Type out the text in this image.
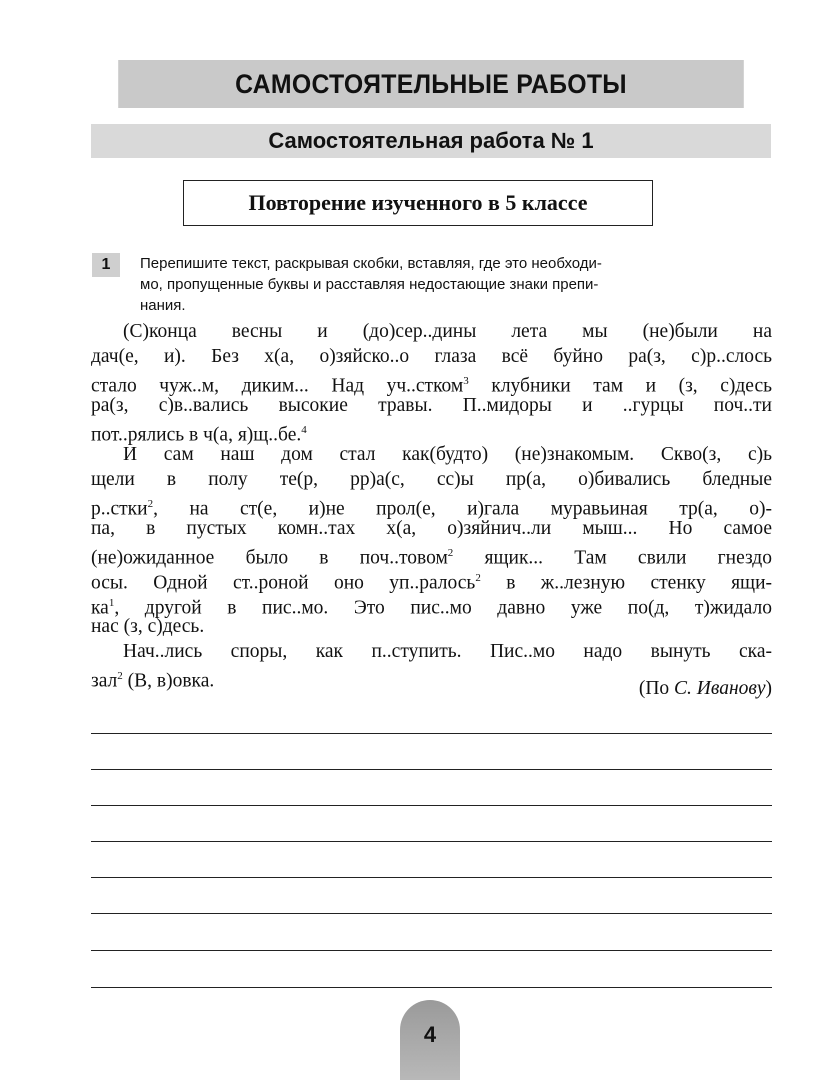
САМОСТОЯТЕЛЬНЫЕ РАБОТЫ
Самостоятельная работа № 1
Повторение изученного в 5 классе
1	Перепишите текст, раскрывая скобки, вставляя, где это необходи-

мо, пропущенные буквы и расставляя недостающие знаки препи-

нания.

(С)конца весны и (до)сер..дины лета мы (не)были на
дач(е, и). Без х(а, о)зяйско..о глаза всё буйно ра(з, с)р..слось
стало чуж..м, диким... Над уч..стком$^3$ клубники там и (з, с)десь
ра(з, с)в..вались высокие травы. П..мидоры и ..гурцы поч..ти
пот..рялись в ч(а, я)щ..бе.$^4$
И сам наш дом стал как(будто) (не)знакомым. Скво(з, с)ь
щели в полу те(р, рр)а(с, сс)ы пр(а, о)бивались бледные
р..стки$^2$, на ст(е, и)не прол(е, и)гала муравьиная тр(а, о)-
па, в пустых комн..тах х(а, о)зяйнич..ли мыш... Но самое
(не)ожиданное было в поч..товом$^2$ ящик... Там свили гнездо
осы. Одной ст..роной оно уп..ралось$^2$ в ж..лезную стенку ящи-
$ка^1$, другой в пис..мо. Это пис..мо давно уже по(д, т)жидало
нас (з, с)десь.
Нач..лись споры, как п..ступить. Пис..мо надо вынуть ска-
зал$^2$ (В, в)овка.	(По С. Иванову)
4
